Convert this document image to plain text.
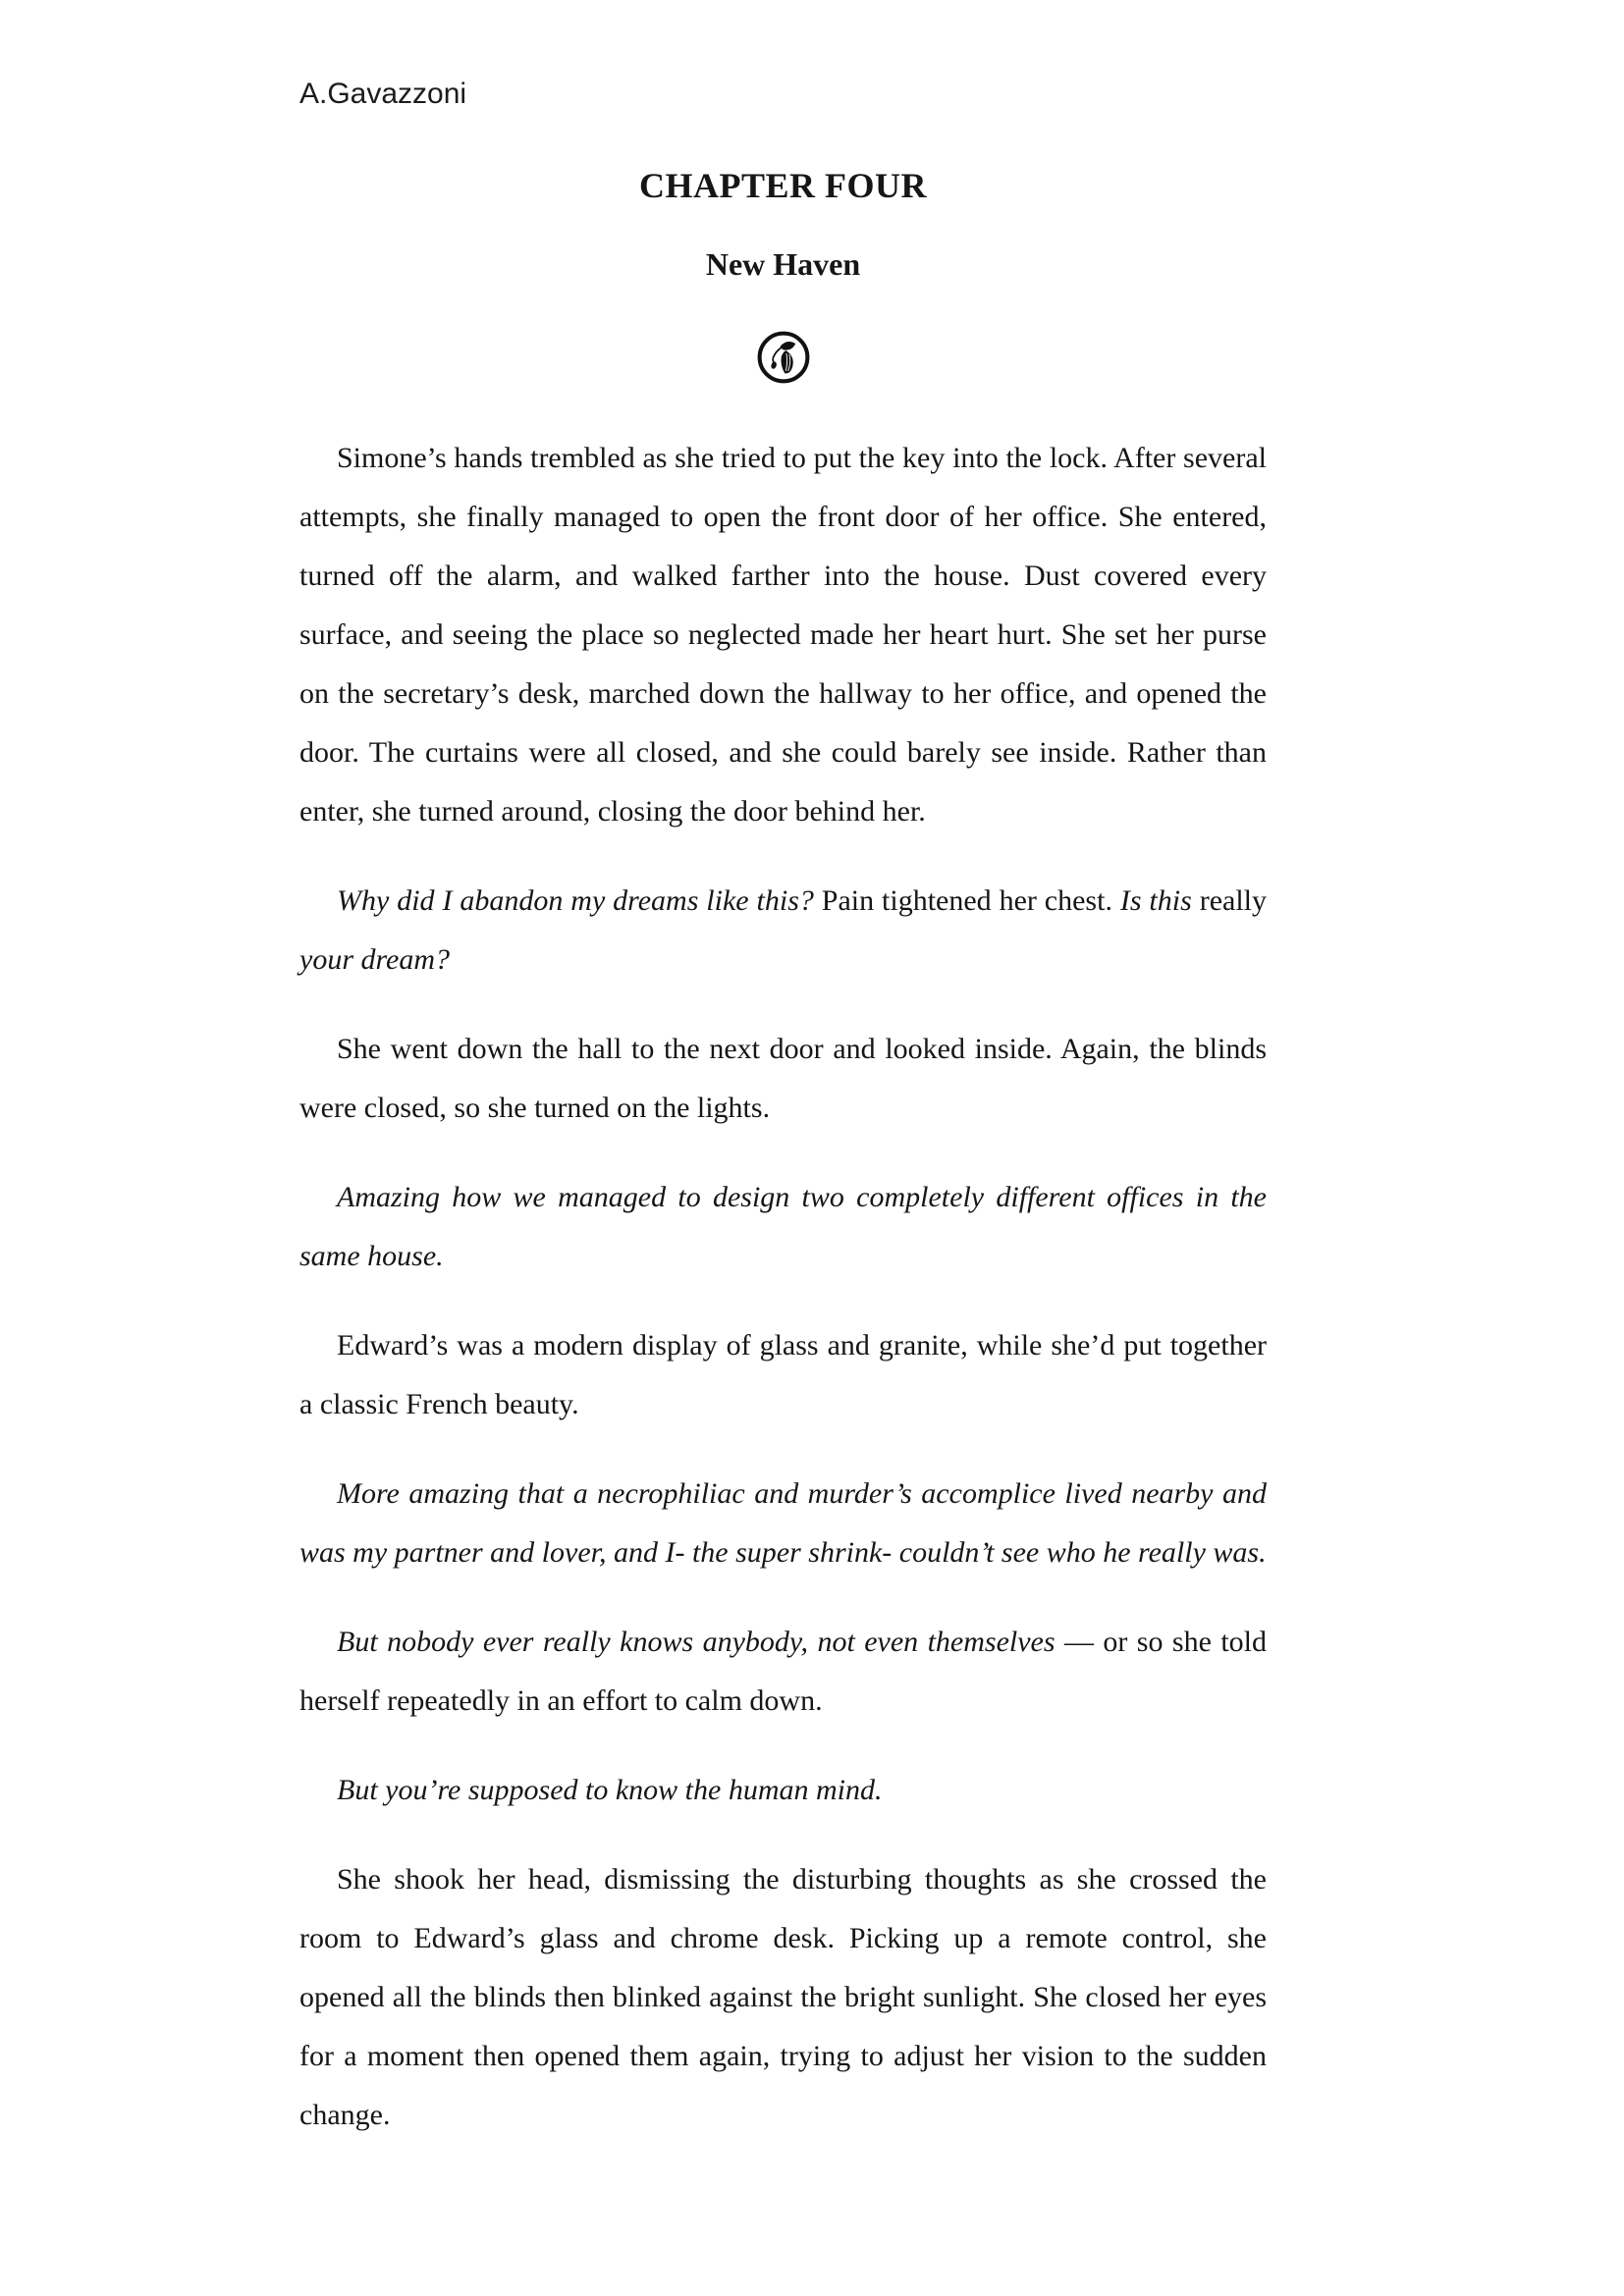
A.Gavazzoni
CHAPTER FOUR
New Haven

Simone’s hands trembled as she tried to put the key into the lock. After several attempts, she finally managed to open the front door of her office. She entered, turned off the alarm, and walked farther into the house. Dust covered every surface, and seeing the place so neglected made her heart hurt. She set her purse on the secretary’s desk, marched down the hallway to her office, and opened the door. The curtains were all closed, and she could barely see inside. Rather than enter, she turned around, closing the door behind her.

Why did I abandon my dreams like this? Pain tightened her chest. Is this really your dream?

She went down the hall to the next door and looked inside. Again, the blinds were closed, so she turned on the lights.

Amazing how we managed to design two completely different offices in the same house.

Edward’s was a modern display of glass and granite, while she’d put together a classic French beauty.

More amazing that a necrophiliac and murder’s accomplice lived nearby and was my partner and lover, and I- the super shrink- couldn’t see who he really was.

But nobody ever really knows anybody, not even themselves — or so she told herself repeatedly in an effort to calm down.

But you’re supposed to know the human mind.

She shook her head, dismissing the disturbing thoughts as she crossed the room to Edward’s glass and chrome desk. Picking up a remote control, she opened all the blinds then blinked against the bright sunlight. She closed her eyes for a moment then opened them again, trying to adjust her vision to the sudden change.
